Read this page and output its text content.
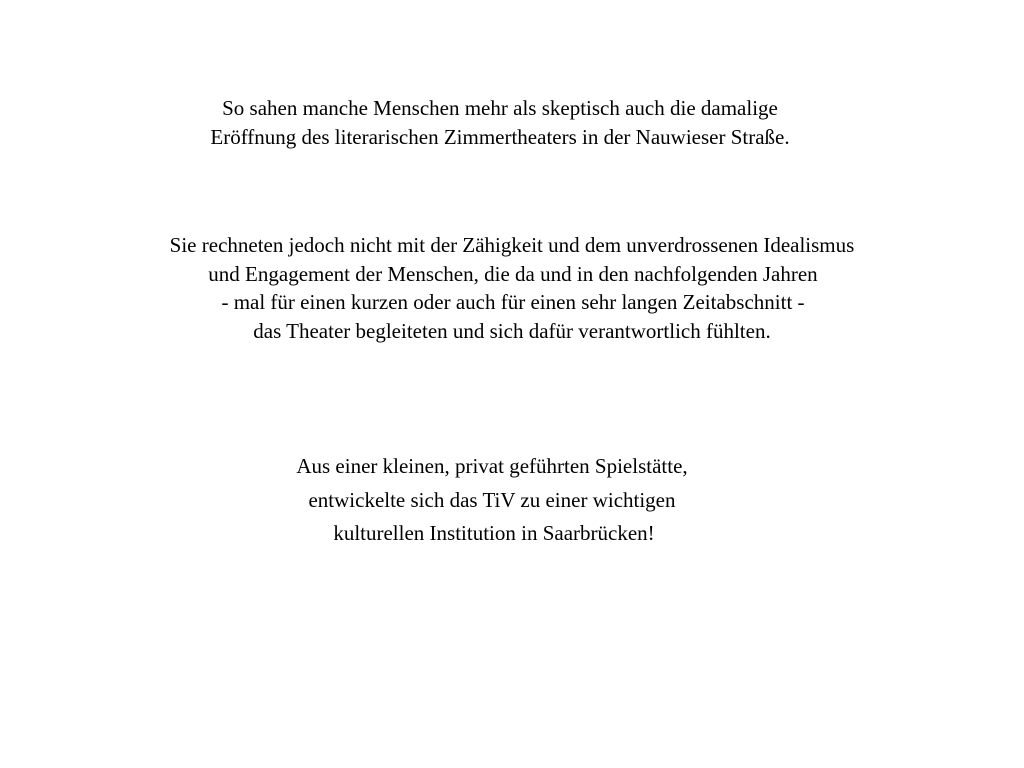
So sahen manche Menschen mehr als skeptisch auch die damalige
Eröffnung des literarischen Zimmertheaters in der Nauwieser Straße.
Sie rechneten jedoch nicht mit der Zähigkeit und dem unverdrossenen Idealismus
und Engagement der Menschen, die da und in den nachfolgenden Jahren
- mal für einen kurzen oder auch für einen sehr langen Zeitabschnitt -
das Theater begleiteten und sich dafür verantwortlich fühlten.
Aus einer kleinen, privat geführten Spielstätte,
entwickelte sich das TiV zu einer wichtigen
kulturellen Institution in Saarbrücken!
